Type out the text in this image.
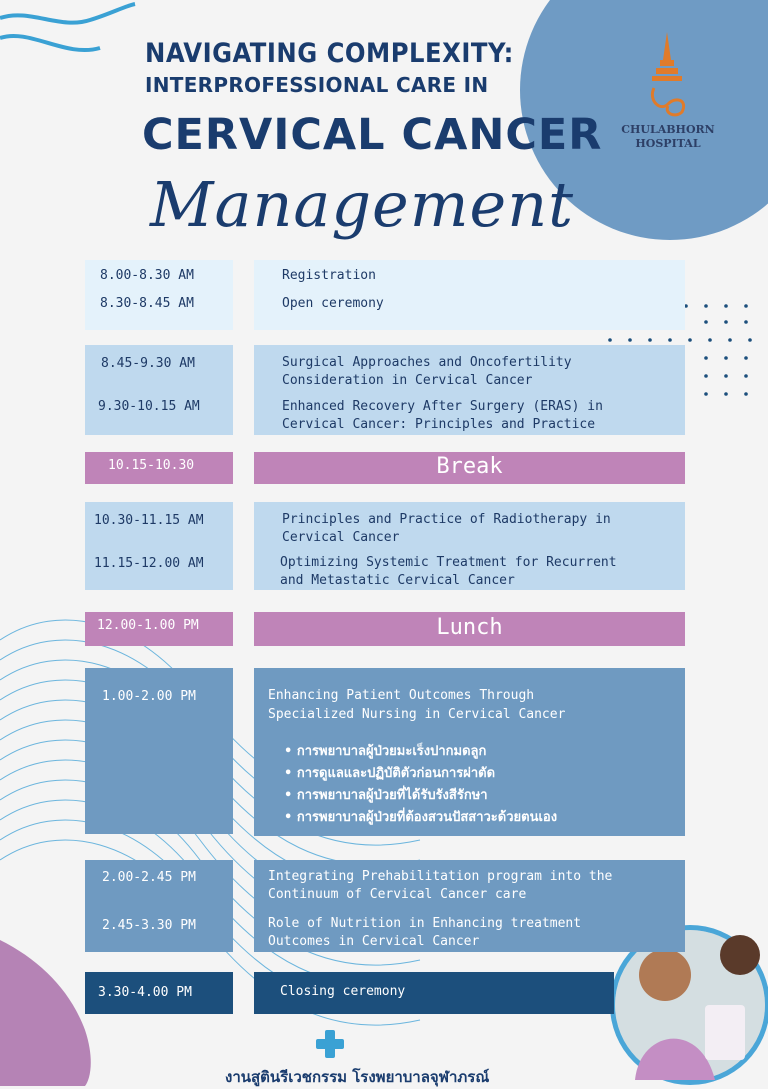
NAVIGATING COMPLEXITY:
INTERPROFESSIONAL CARE IN
CERVICAL CANCER
Management
CHULABHORN
HOSPITAL
8.00-8.30 AM	Registration
8.30-8.45 AM	Open ceremony
8.45-9.30 AM	Surgical Approaches and Oncofertility
Consideration in Cervical Cancer
9.30-10.15 AM	Enhanced Recovery After Surgery (ERAS) in
Cervical Cancer: Principles and Practice
10.15-10.30	Break
10.30-11.15 AM	Principles and Practice of Radiotherapy in
Cervical Cancer
11.15-12.00 AM	Optimizing Systemic Treatment for Recurrent
and Metastatic Cervical Cancer
12.00-1.00 PM	Lunch
1.00-2.00 PM	Enhancing Patient Outcomes Through
Specialized Nursing in Cervical Cancer
• การพยาบาลผู้ป่วยมะเร็งปากมดลูก
• การดูแลและปฏิบัติตัวก่อนการผ่าตัด
• การพยาบาลผู้ป่วยที่ได้รับรังสีรักษา
• การพยาบาลผู้ป่วยที่ต้องสวนปัสสาวะด้วยตนเอง
2.00-2.45 PM	Integrating Prehabilitation program into the
Continuum of Cervical Cancer care
2.45-3.30 PM	Role of Nutrition in Enhancing treatment
Outcomes in Cervical Cancer
3.30-4.00 PM	Closing ceremony
งานสูตินรีเวชกรรม โรงพยาบาลจุฬาภรณ์
